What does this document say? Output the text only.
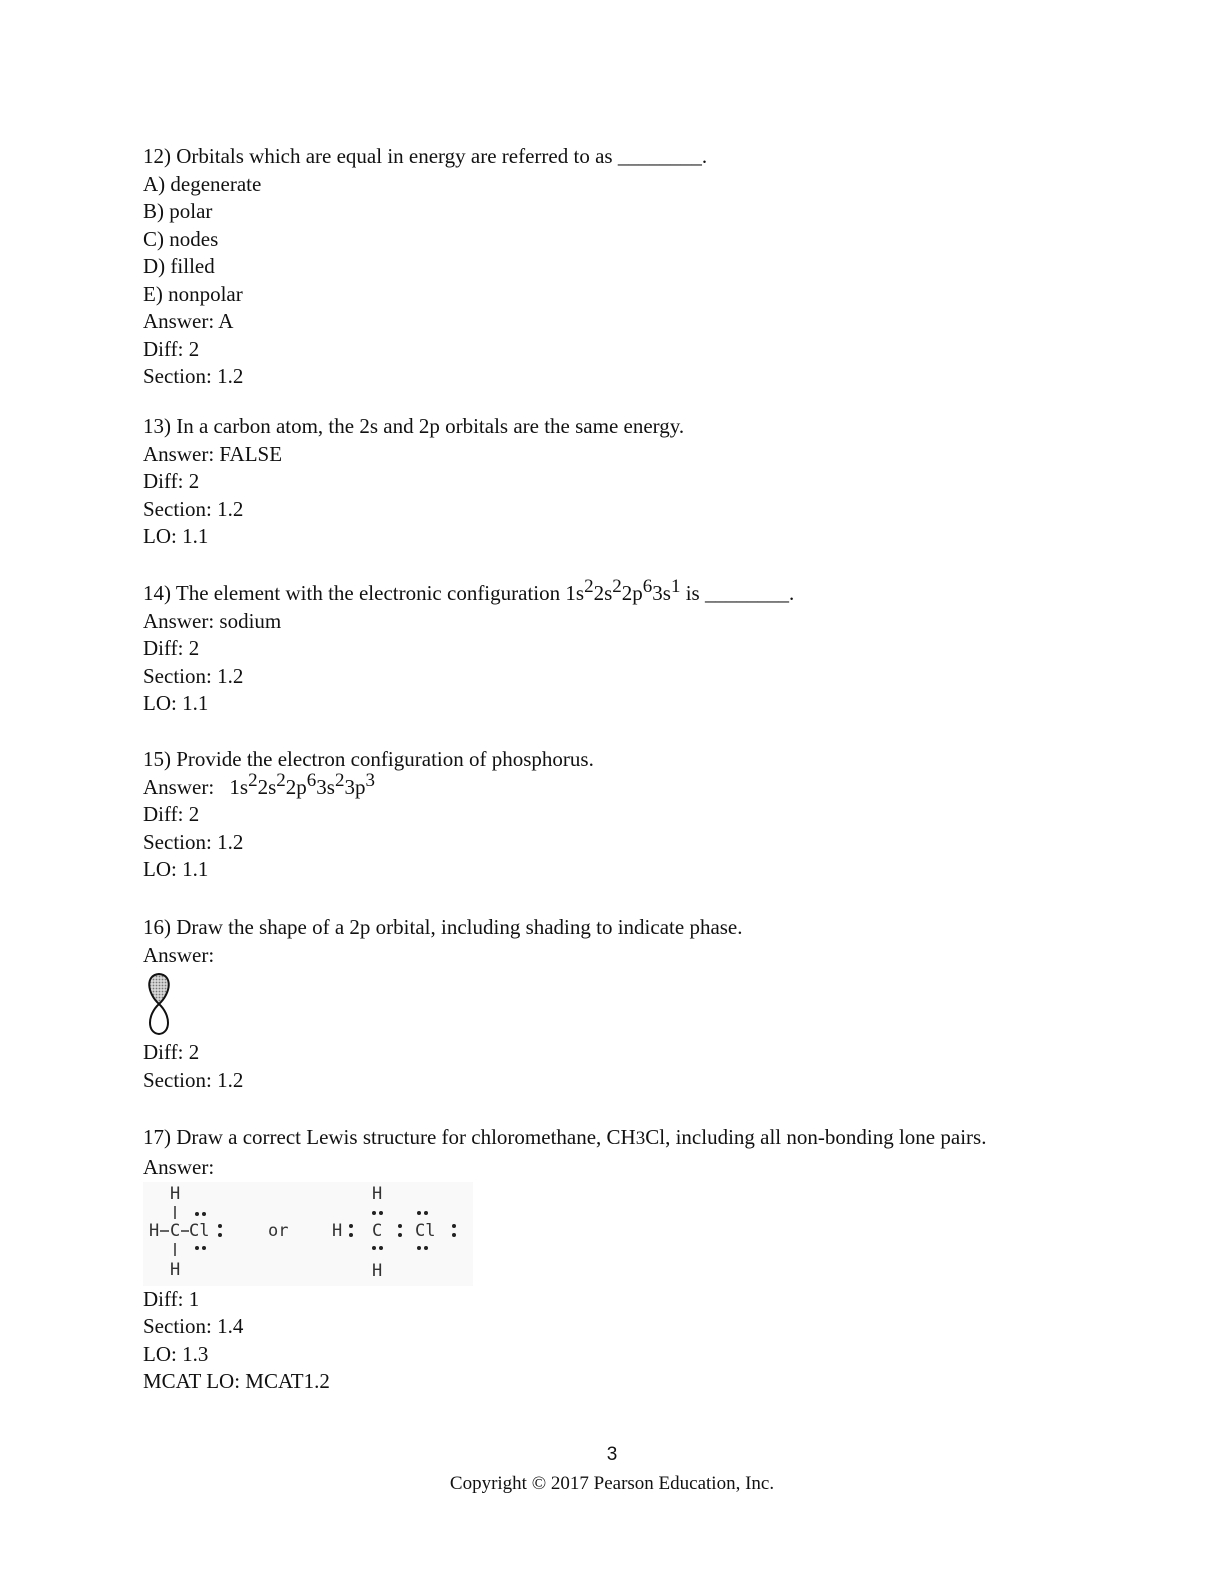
12) Orbitals which are equal in energy are referred to as ________.
A) degenerate
B) polar
C) nodes
D) filled
E) nonpolar
Answer: A
Diff: 2
Section: 1.2
13) In a carbon atom, the 2s and 2p orbitals are the same energy.
Answer: FALSE
Diff: 2
Section: 1.2
LO: 1.1
14) The element with the electronic configuration $1s^22s^22p^63s^1$ is ________.
Answer: sodium
Diff: 2
Section: 1.2
LO: 1.1
15) Provide the electron configuration of phosphorus.
Answer: $1s^22s^22p^63s^23p^3$
Diff: 2
Section: 1.2
LO: 1.1
16) Draw the shape of a 2p orbital, including shading to indicate phase.
Answer:
Diff: 2
Section: 1.2
17) Draw a correct Lewis structure for chloromethane, CH3Cl, including all non-bonding lone pairs.
Answer:
H
H C Cl
H
or
H
H C Cl
H
Diff: 1
Section: 1.4
LO: 1.3
MCAT LO: MCAT1.2
3
Copyright © 2017 Pearson Education, Inc.
